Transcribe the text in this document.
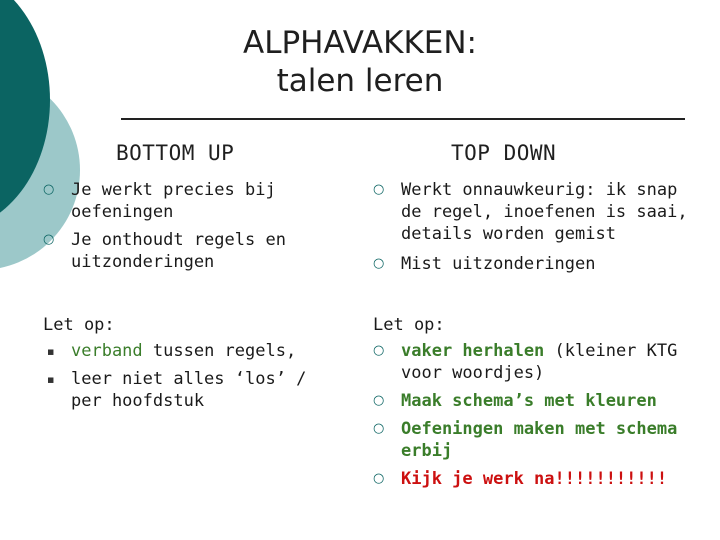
ALPHAVAKKEN:
talen leren
BOTTOM UP
○ Je werkt precies bij oefeningen
○ Je onthoudt regels en uitzonderingen

Let op:

▪ verband tussen regels,
▪ leer niet alles ‘los’ / per hoofdstuk
TOP DOWN
○ Werkt onnauwkeurig: ik snap de regel, inoefenen is saai, details worden gemist
○ Mist uitzonderingen

Let op:

○ vaker herhalen (kleiner KTG voor woordjes)
○ Maak schema’s met kleuren
○ Oefeningen maken met schema erbij
○ Kijk je werk na!!!!!!!!!!!
